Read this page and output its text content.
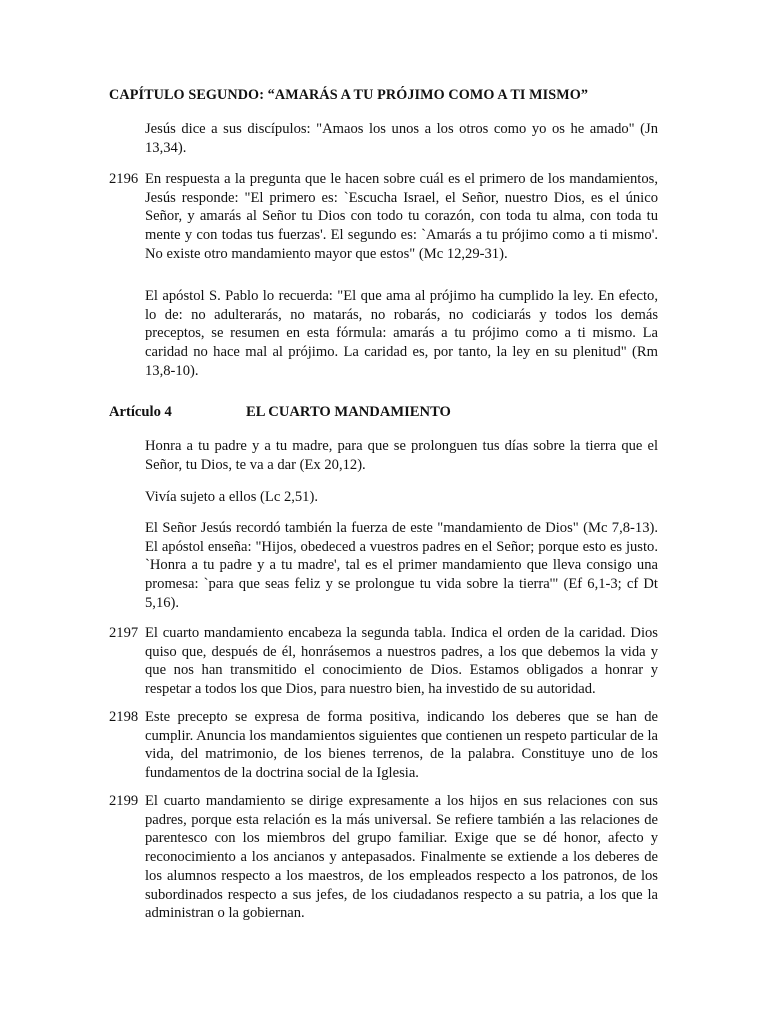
CAPÍTULO SEGUNDO: “AMARÁS A TU PRÓJIMO COMO A TI MISMO”

Jesús dice a sus discípulos: "Amaos los unos a los otros como yo os he amado" (Jn 13,34).

2196 En respuesta a la pregunta que le hacen sobre cuál es el primero de los mandamientos, Jesús responde: "El primero es: `Escucha Israel, el Señor, nuestro Dios, es el único Señor, y amarás al Señor tu Dios con todo tu corazón, con toda tu alma, con toda tu mente y con todas tus fuerzas'. El segundo es: `Amarás a tu prójimo como a ti mismo'. No existe otro mandamiento mayor que estos" (Mc 12,29-31).

El apóstol S. Pablo lo recuerda: "El que ama al prójimo ha cumplido la ley. En efecto, lo de: no adulterarás, no matarás, no robarás, no codiciarás y todos los demás preceptos, se resumen en esta fórmula: amarás a tu prójimo como a ti mismo. La caridad no hace mal al prójimo. La caridad es, por tanto, la ley en su plenitud" (Rm 13,8-10).

Artículo 4	EL CUARTO MANDAMIENTO

Honra a tu padre y a tu madre, para que se prolonguen tus días sobre la tierra que el Señor, tu Dios, te va a dar (Ex 20,12).

Vivía sujeto a ellos (Lc 2,51).

El Señor Jesús recordó también la fuerza de este "mandamiento de Dios" (Mc 7,8-13). El apóstol enseña: "Hijos, obedeced a vuestros padres en el Señor; porque esto es justo. `Honra a tu padre y a tu madre', tal es el primer mandamiento que lleva consigo una promesa: `para que seas feliz y se prolongue tu vida sobre la tierra'" (Ef 6,1-3; cf Dt 5,16).

2197 El cuarto mandamiento encabeza la segunda tabla. Indica el orden de la caridad. Dios quiso que, después de él, honrásemos a nuestros padres, a los que debemos la vida y que nos han transmitido el conocimiento de Dios. Estamos obligados a honrar y respetar a todos los que Dios, para nuestro bien, ha investido de su autoridad.

2198 Este precepto se expresa de forma positiva, indicando los deberes que se han de cumplir. Anuncia los mandamientos siguientes que contienen un respeto particular de la vida, del matrimonio, de los bienes terrenos, de la palabra. Constituye uno de los fundamentos de la doctrina social de la Iglesia.

2199 El cuarto mandamiento se dirige expresamente a los hijos en sus relaciones con sus padres, porque esta relación es la más universal. Se refiere también a las relaciones de parentesco con los miembros del grupo familiar. Exige que se dé honor, afecto y reconocimiento a los ancianos y antepasados. Finalmente se extiende a los deberes de los alumnos respecto a los maestros, de los empleados respecto a los patronos, de los subordinados respecto a sus jefes, de los ciudadanos respecto a su patria, a los que la administran o la gobiernan.
